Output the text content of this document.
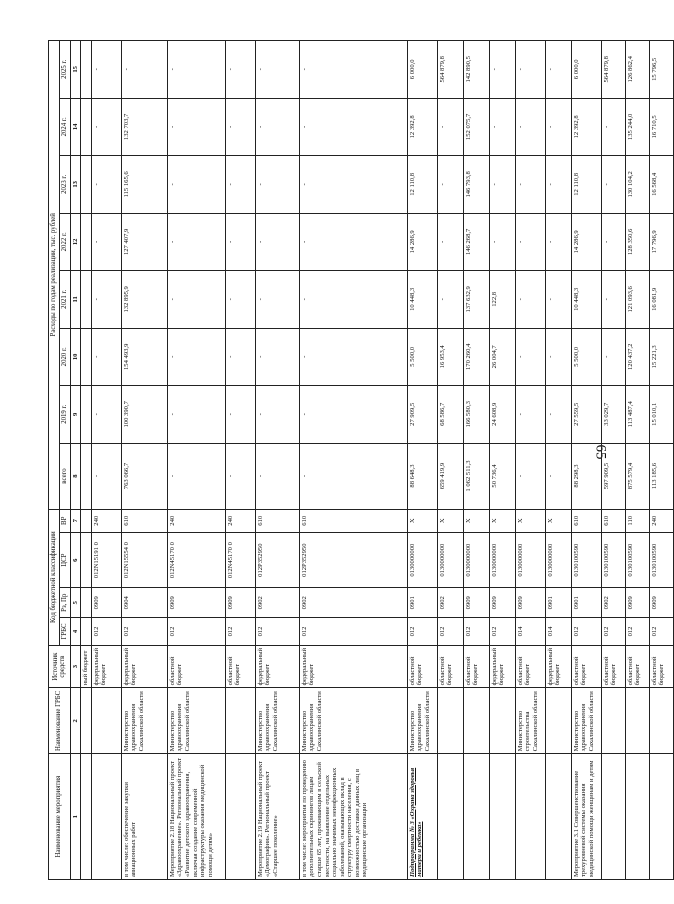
65
Наименование мероприятия	Наименование ГРБС	Источник средств	Код бюджетной классификации				Расходы по годам реализации, тыс. рублей							
			ГРБС	Рз, Пр	ЦСР	ВР	всего	2019 г.	2020 г.	2021 г.	2022 г.	2023 г.	2024 г.	2025 г.

1	2	3	4	5	6	7	8	9	10	11	12	13	14	15
		ный бюджет												
		федеральный бюджет	012	0909	012N15191 0	240	-	-	-	-	-	-	-	-
в том числе: обеспечение закупки авиационных работ	Министерство здравоохранения Сахалинской области	федеральный бюджет	012	0904	012N15554 0	610	763 066,7	100 390,7	154 493,9	132 895,9	127 407,9	115 165,6	132 703,7	-
Мероприятие 2.18 Национальный проект «Здравоохранение». Региональный проект «Развитие детского здравоохранения, включая создание современной инфраструктуры оказания медицинской помощи детям»	Министерство здравоохранения Сахалинской области	областной бюджет	012	0909	012N45170 0	240	-	-	-	-	-	-	-	-
		областной бюджет	012	0909	012N45170 0	240	-	-	-	-	-	-	-	-
Мероприятие 2.19 Национальный проект «Демография». Региональный проект «Старшее поколение»	Министерство здравоохранения Сахалинской области	федеральный бюджет	012	0902	012P352950	610	-	-	-	-	-	-	-	-
в том числе: мероприятия по проведению дополнительных скринингов лицам старше 65 лет, проживающим в сельской местности, на выявление отдельных социально значимых неинфекционных заболеваний, оказывающих вклад в структуру смертности населения, с возможностью доставки данных лиц в медицинские организации	Министерство здравоохранения Сахалинской области	федеральный бюджет	012	0902	012P352950	610	-	-	-	-	-	-	-	-
Подпрограмма № 3 «Охрана здоровья матери и ребенка»	Министерство здравоохранения Сахалинской области	областной бюджет	012	0901	0130000000	X	88 648,3	27 909,5	5 500,0	10 448,3	14 286,9	12 110,8	12 392,8	6 000,0
		областной бюджет	012	0902	0130000000	X	659 419,9	68 586,7	16 953,4	-	-	-	-	564 879,8
		областной бюджет	012	0909	0130000000	X	1 062 511,3	166 580,3	170 260,4	137 632,9	146 268,7	146 793,8	152 075,7	142 890,5
		федеральный бюджет	012	0909	0130000000	X	50 736,4	24 608,9	26 004,7	122,8	-	-	-	-
	Министерство строительства Сахалинской области	областной бюджет	014	0909	0130000000	X	-	-	-	-	-	-	-	-
		федеральный бюджет	014	0901	0130000000	X	-	-	-	-	-	-	-	-
Мероприятие 3.1 Совершенствование трехуровневой системы оказания медицинской помощи женщинам и детям	Министерство здравоохранения Сахалинской области	областной бюджет	012	0901	0130100590	610	88 298,3	27 559,5	5 500,0	10 448,3	14 286,9	12 110,8	12 392,8	6 000,0
		областной бюджет	012	0902	0130100590	610	597 909,5	33 029,7	-	-	-	-	-	564 879,8
		областной бюджет	012	0909	0130100590	110	875 579,4	113 487,4	120 437,2	121 093,6	128 350,6	130 104,2	135 244,0	126 862,4
		областной бюджет	012	0909	0130100590	240	113 185,6	15 010,1	15 221,3	16 081,9	17 796,9	16 568,4	16 710,5	15 796,5
